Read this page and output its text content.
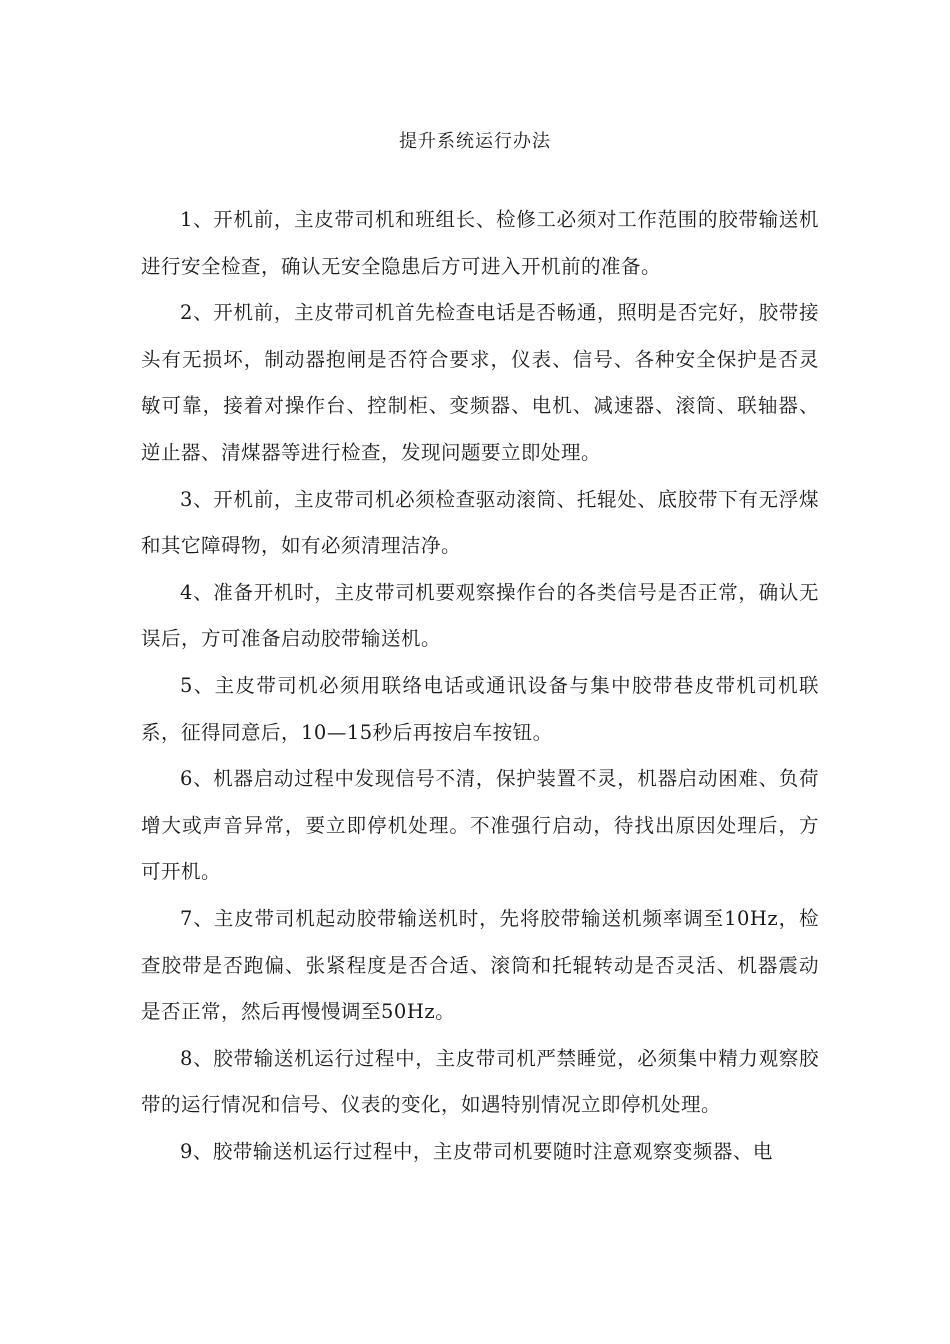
提升系统运行办法

1、开机前，主皮带司机和班组长、检修工必须对工作范围的胶带输送机进行安全检查，确认无安全隐患后方可进入开机前的准备。

2、开机前，主皮带司机首先检查电话是否畅通，照明是否完好，胶带接头有无损坏，制动器抱闸是否符合要求，仪表、信号、各种安全保护是否灵敏可靠，接着对操作台、控制柜、变频器、电机、减速器、滚筒、联轴器、逆止器、清煤器等进行检查，发现问题要立即处理。

3、开机前，主皮带司机必须检查驱动滚筒、托辊处、底胶带下有无浮煤和其它障碍物，如有必须清理洁净。

4、准备开机时，主皮带司机要观察操作台的各类信号是否正常，确认无误后，方可准备启动胶带输送机。

5、主皮带司机必须用联络电话或通讯设备与集中胶带巷皮带机司机联系，征得同意后，10—15秒后再按启车按钮。

6、机器启动过程中发现信号不清，保护装置不灵，机器启动困难、负荷增大或声音异常，要立即停机处理。不准强行启动，待找出原因处理后，方可开机。

7、主皮带司机起动胶带输送机时，先将胶带输送机频率调至10Hz，检查胶带是否跑偏、张紧程度是否合适、滚筒和托辊转动是否灵活、机器震动是否正常，然后再慢慢调至50Hz。

8、胶带输送机运行过程中，主皮带司机严禁睡觉，必须集中精力观察胶带的运行情况和信号、仪表的变化，如遇特别情况立即停机处理。

9、胶带输送机运行过程中，主皮带司机要随时注意观察变频器、电
